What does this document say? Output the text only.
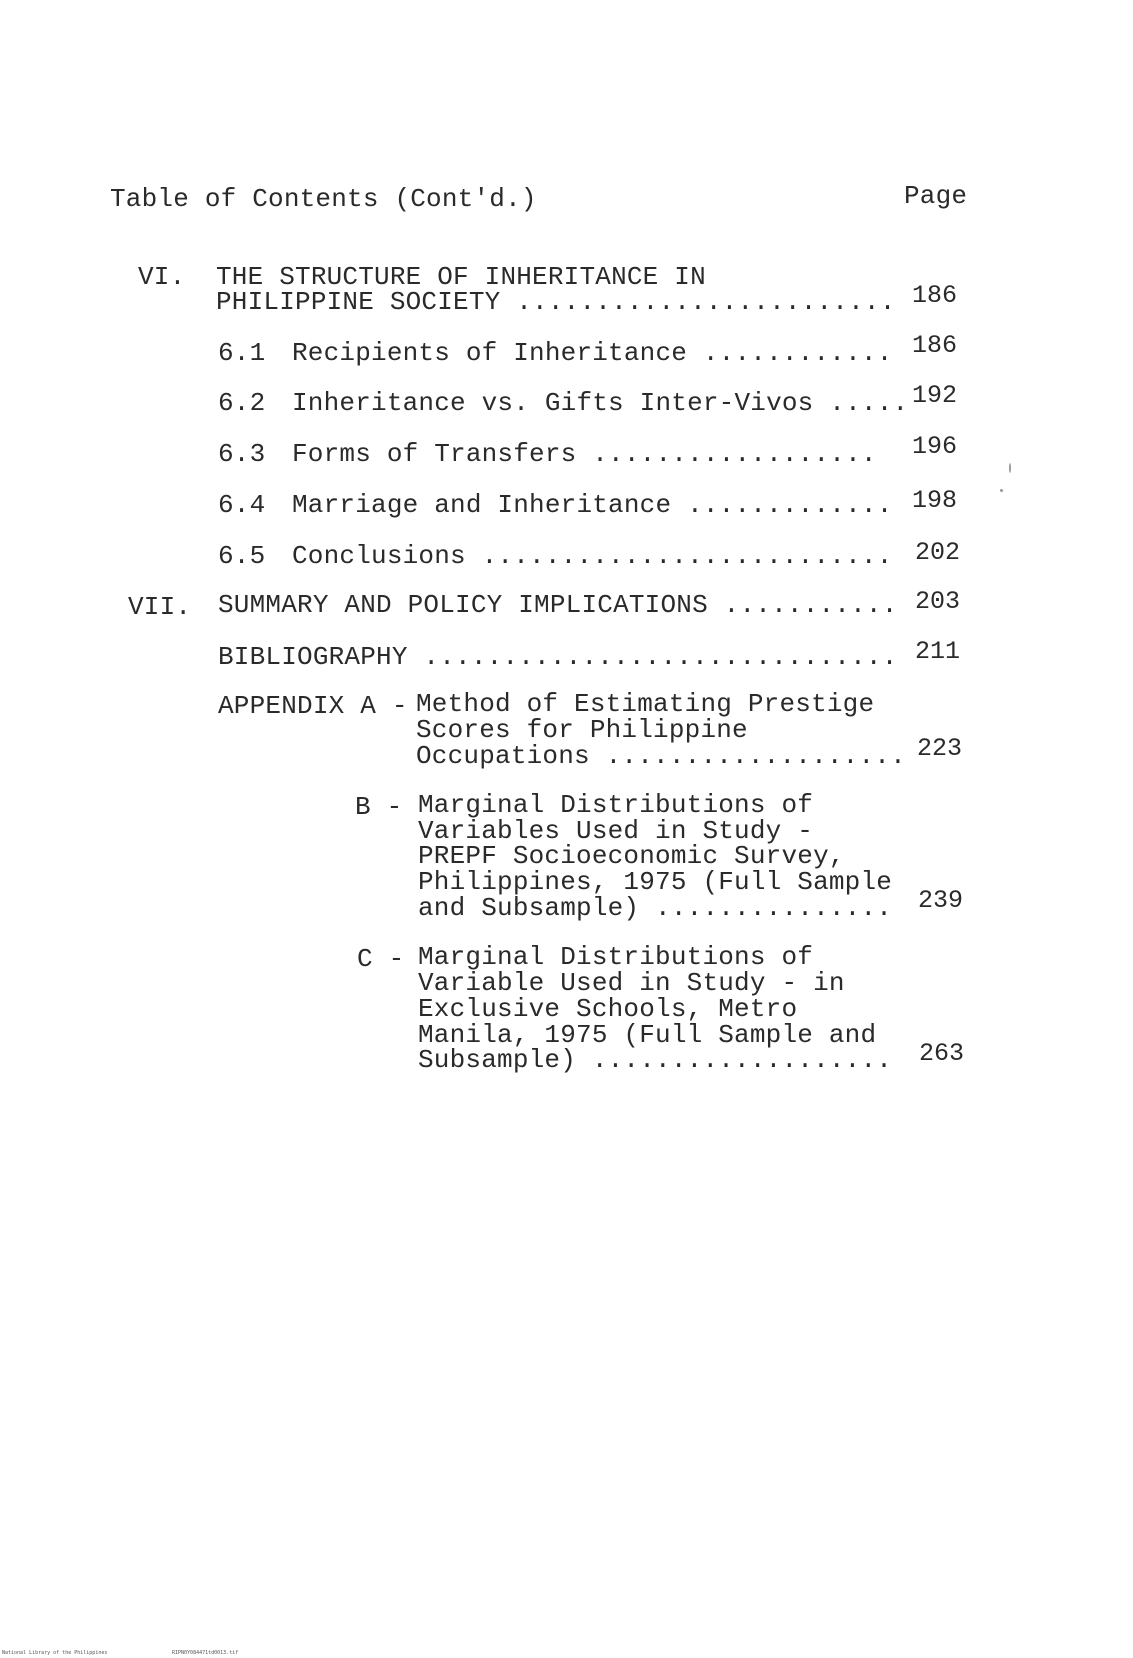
Table of Contents (Cont'd.)	Page
VI. THE STRUCTURE OF INHERITANCE IN
PHILIPPINE SOCIETY ........................ 186
6.1 Recipients of Inheritance ............ 186
6.2 Inheritance vs. Gifts Inter-Vivos ..... 192
6.3 Forms of Transfers ..................	196
6.4 Marriage and Inheritance ............. 198
6.5 Conclusions .......................... 202
VII. SUMMARY AND POLICY IMPLICATIONS ........... 203
BIBLIOGRAPHY .............................. 211
APPENDIX A - Method of Estimating Prestige
Scores for Philippine
Occupations ................... 223
B - Marginal Distributions of
Variables Used in Study -
PREPF Socioeconomic Survey,
Philippines, 1975 (Full Sample
and Subsample) ...............	239
C - Marginal Distributions of
Variable Used in Study - in
Exclusive Schools, Metro
Manila, 1975 (Full Sample and
Subsample) ...................	263
National Library of the Philippines	RIPN0Y084471td0013.tif
